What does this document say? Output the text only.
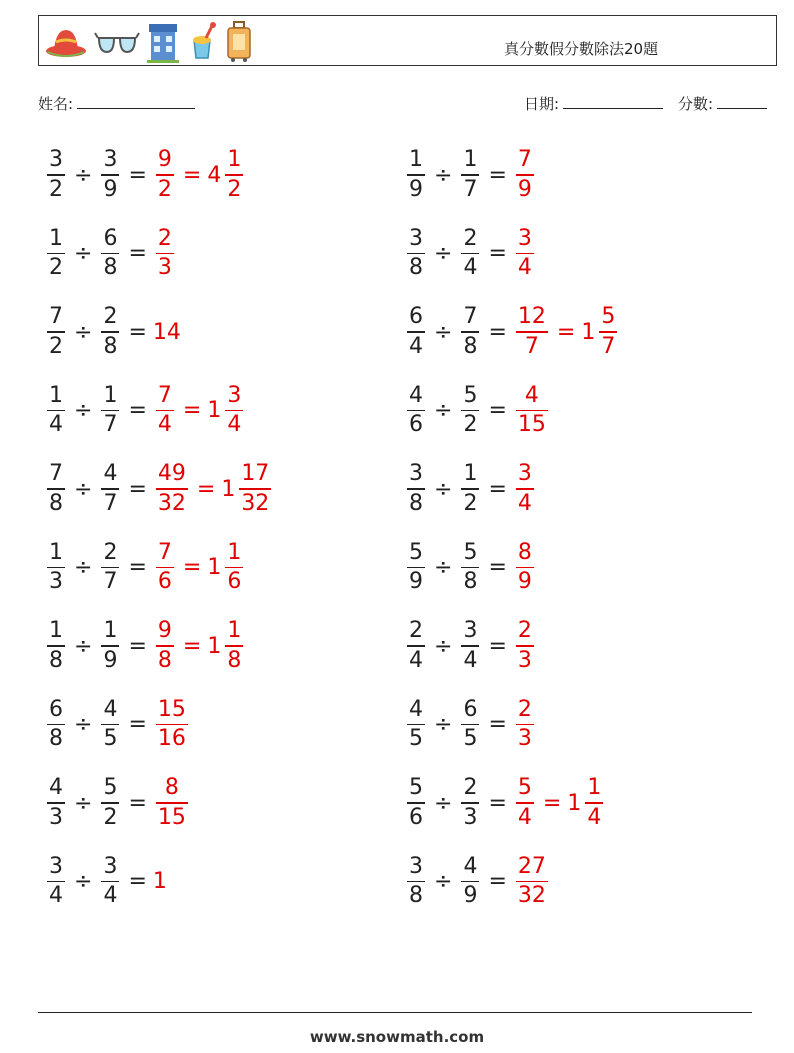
真分數假分數除法20題
姓名:	日期:	分數:
$\frac{3}{2} \div \frac{3}{9} = \frac{9}{2} = 4 \frac{1}{2}$	$\frac{1}{9} \div \frac{1}{7} = \frac{7}{9}$
$\frac{1}{2} \div \frac{6}{8} = \frac{2}{3}$	$\frac{3}{8} \div \frac{2}{4} = \frac{3}{4}$
$\frac{7}{2} \div \frac{2}{8} = 14$	$\frac{6}{4} \div \frac{7}{8} = \frac{12}{7} = 1 \frac{5}{7}$
$\frac{1}{4} \div \frac{1}{7} = \frac{7}{4} = 1 \frac{3}{4}$	$\frac{4}{6} \div \frac{5}{2} = \frac{4}{15}$
$\frac{7}{8} \div \frac{4}{7} = \frac{49}{32} = 1 \frac{17}{32}$	$\frac{3}{8} \div \frac{1}{2} = \frac{3}{4}$
$\frac{1}{3} \div \frac{2}{7} = \frac{7}{6} = 1 \frac{1}{6}$	$\frac{5}{9} \div \frac{5}{8} = \frac{8}{9}$
$\frac{1}{8} \div \frac{1}{9} = \frac{9}{8} = 1 \frac{1}{8}$	$\frac{2}{4} \div \frac{3}{4} = \frac{2}{3}$
$\frac{6}{8} \div \frac{4}{5} = \frac{15}{16}$	$\frac{4}{5} \div \frac{6}{5} = \frac{2}{3}$
$\frac{4}{3} \div \frac{5}{2} = \frac{8}{15}$	$\frac{5}{6} \div \frac{2}{3} = \frac{5}{4} = 1 \frac{1}{4}$
$\frac{3}{4} \div \frac{3}{4} = 1$	$\frac{3}{8} \div \frac{4}{9} = \frac{27}{32}$
www.snowmath.com
